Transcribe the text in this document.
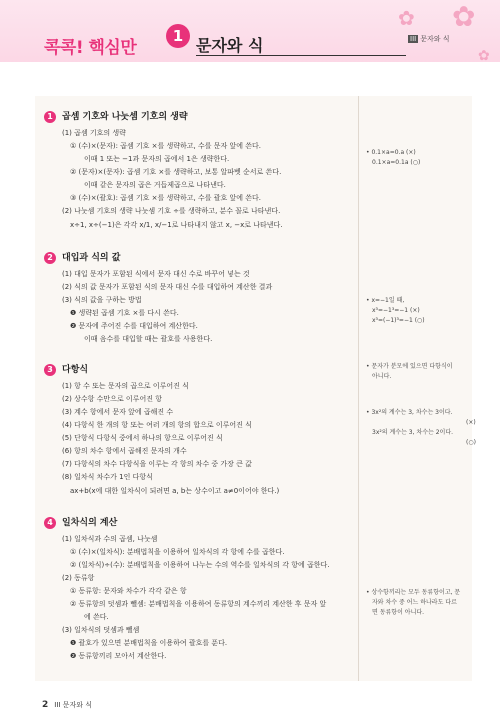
✿ ✿
✿
콕콕! 핵심만
1 문자와 식	III 문자와 식
1 곱셈 기호와 나눗셈 기호의 생략
(1) 곱셈 기호의 생략
① (수)×(문자): 곱셈 기호 ×를 생략하고, 수를 문자 앞에 쓴다.
이때 1 또는 −1과 문자의 곱에서 1은 생략한다.
② (문자)×(문자): 곱셈 기호 ×를 생략하고, 보통 알파벳 순서로 쓴다.
이때 같은 문자의 곱은 거듭제곱으로 나타낸다.
③ (수)×(괄호): 곱셈 기호 ×를 생략하고, 수를 괄호 앞에 쓴다.
(2) 나눗셈 기호의 생략 나눗셈 기호 ÷를 생략하고, 분수 꼴로 나타낸다.
x÷1, x÷(−1)은 각각 x/1, x/−1로 나타내지 않고 x, −x로 나타낸다.
2 대입과 식의 값
(1) 대입 문자가 포함된 식에서 문자 대신 수로 바꾸어 넣는 것
(2) 식의 값 문자가 포함된 식의 문자 대신 수를 대입하여 계산한 결과
(3) 식의 값을 구하는 방법
❶ 생략된 곱셈 기호 ×를 다시 쓴다.
❷ 문자에 주어진 수를 대입하여 계산한다.
이때 음수를 대입할 때는 괄호를 사용한다.
3 다항식
(1) 항 수 또는 문자의 곱으로 이루어진 식
(2) 상수항 수만으로 이루어진 항
(3) 계수 항에서 문자 앞에 곱해진 수
(4) 다항식 한 개의 항 또는 여러 개의 항의 합으로 이루어진 식
(5) 단항식 다항식 중에서 하나의 항으로 이루어진 식
(6) 항의 차수 항에서 곱해진 문자의 개수
(7) 다항식의 차수 다항식을 이루는 각 항의 차수 중 가장 큰 값
(8) 일차식 차수가 1인 다항식
ax+b(x에 대한 일차식이 되려면 a, b는 상수이고 a≠0이어야 한다.)
4 일차식의 계산
(1) 일차식과 수의 곱셈, 나눗셈
① (수)×(일차식): 분배법칙을 이용하여 일차식의 각 항에 수를 곱한다.
② (일차식)÷(수): 분배법칙을 이용하여 나누는 수의 역수를 일차식의 각 항에 곱한다.
(2) 동류항
① 동류항: 문자와 차수가 각각 같은 항
② 동류항의 덧셈과 뺄셈: 분배법칙을 이용하여 동류항의 계수끼리 계산한 후 문자 앞
에 쓴다.
(3) 일차식의 덧셈과 뺄셈
❶ 괄호가 있으면 분배법칙을 이용하여 괄호를 푼다.
❷ 동류항끼리 모아서 계산한다.
• 0.1×a=0.a (×)
0.1×a=0.1a (○)
• x=−1일 때,
x³=−1³=−1 (×)
x³=(−1)³=−1 (○)
• 문자가 분모에 있으면 다항식이
아니다.
• 3x²의 계수는 3, 차수는 3이다.
(×)
3x²의 계수는 3, 차수는 2이다.
(○)
• 상수항끼리는 모두 동류항이고, 문
자와 차수 중 어느 하나라도 다르
면 동류항이 아니다.
2 III 문자와 식
